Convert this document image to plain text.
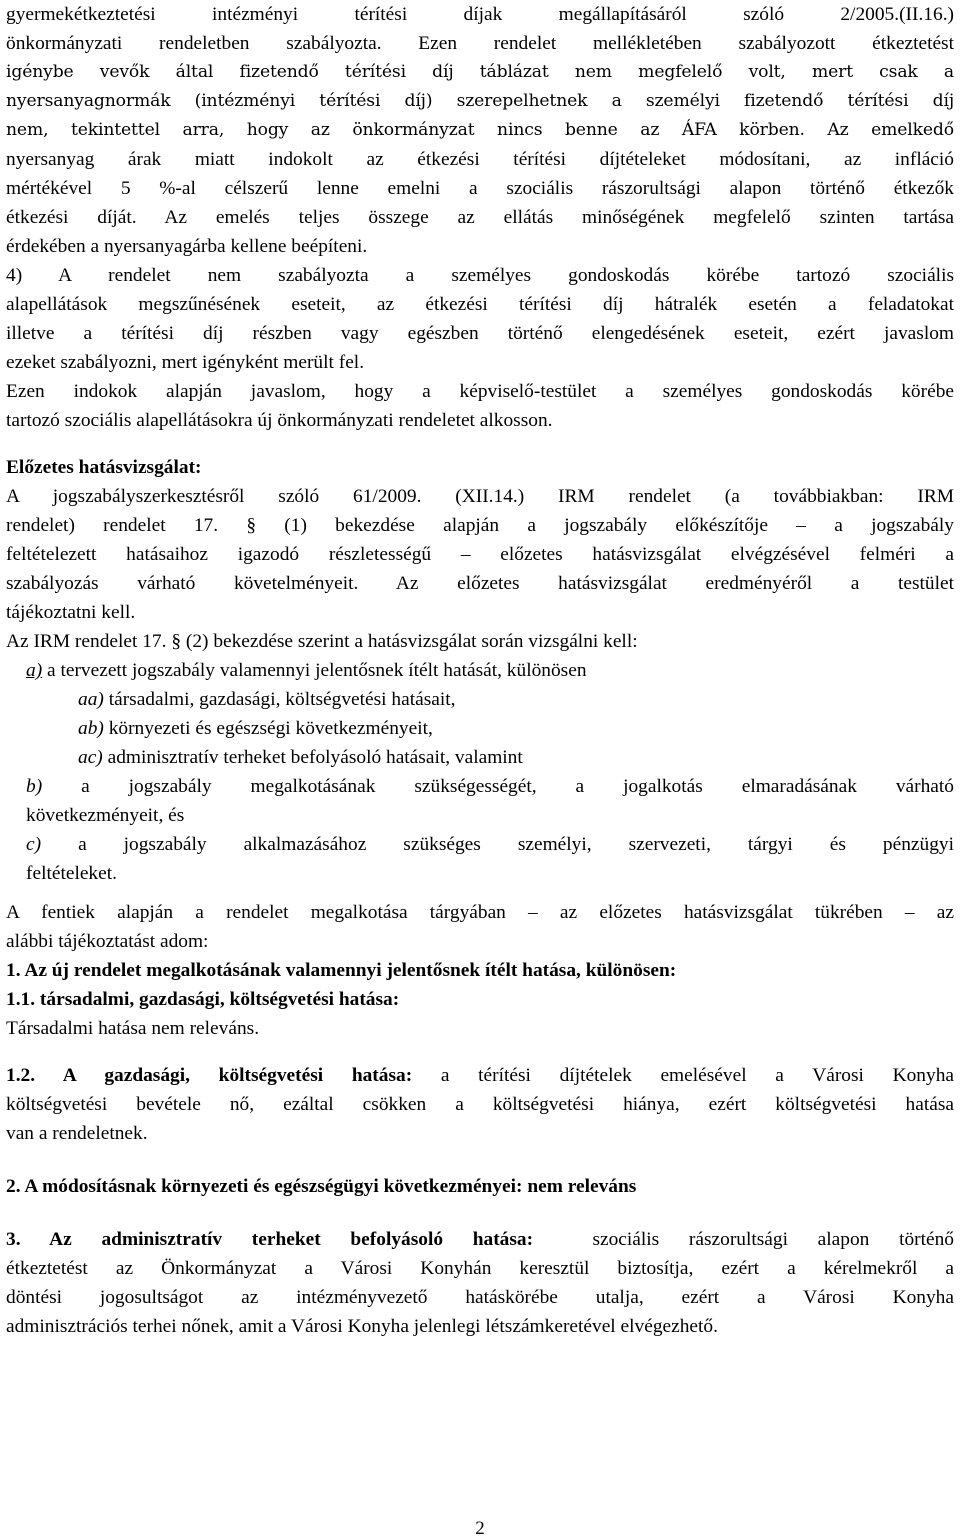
gyermekétkeztetési intézményi térítési díjak megállapításáról szóló 2/2005.(II.16.)

önkormányzati rendeletben szabályozta. Ezen rendelet mellékletében szabályozott étkeztetést

igénybe vevők által fizetendő térítési díj táblázat nem megfelelő volt, mert csak a

nyersanyagnormák (intézményi térítési díj) szerepelhetnek a személyi fizetendő térítési díj

nem, tekintettel arra, hogy az önkormányzat nincs benne az ÁFA körben. Az emelkedő

nyersanyag árak miatt indokolt az étkezési térítési díjtételeket módosítani, az infláció

mértékével 5 %-al célszerű lenne emelni a szociális rászorultsági alapon történő étkezők

étkezési díját. Az emelés teljes összege az ellátás minőségének megfelelő szinten tartása

érdekében a nyersanyagárba kellene beépíteni.

4) A rendelet nem szabályozta a személyes gondoskodás körébe tartozó szociális

alapellátások megszűnésének eseteit, az étkezési térítési díj hátralék esetén a feladatokat

illetve a térítési díj részben vagy egészben történő elengedésének eseteit, ezért javaslom

ezeket szabályozni, mert igényként merült fel.

Ezen indokok alapján javaslom, hogy a képviselő-testület a személyes gondoskodás körébe

tartozó szociális alapellátásokra új önkormányzati rendeletet alkosson.

Előzetes hatásvizsgálat:

A jogszabályszerkesztésről szóló 61/2009. (XII.14.) IRM rendelet (a továbbiakban: IRM

rendelet) rendelet 17. § (1) bekezdése alapján a jogszabály előkészítője – a jogszabály

feltételezett hatásaihoz igazodó részletességű – előzetes hatásvizsgálat elvégzésével felméri a

szabályozás várható követelményeit. Az előzetes hatásvizsgálat eredményéről a testület

tájékoztatni kell.

Az IRM rendelet 17. § (2) bekezdése szerint a hatásvizsgálat során vizsgálni kell:

a) a tervezett jogszabály valamennyi jelentősnek ítélt hatását, különösen

aa) társadalmi, gazdasági, költségvetési hatásait,

ab) környezeti és egészségi következményeit,

ac) adminisztratív terheket befolyásoló hatásait, valamint

b) a jogszabály megalkotásának szükségességét, a jogalkotás elmaradásának várható

következményeit, és

c) a jogszabály alkalmazásához szükséges személyi, szervezeti, tárgyi és pénzügyi

feltételeket.

A fentiek alapján a rendelet megalkotása tárgyában – az előzetes hatásvizsgálat tükrében – az

alábbi tájékoztatást adom:

1. Az új rendelet megalkotásának valamennyi jelentősnek ítélt hatása, különösen:

1.1. társadalmi, gazdasági, költségvetési hatása:

Társadalmi hatása nem releváns.

1.2. A gazdasági, költségvetési hatása: a térítési díjtételek emelésével a Városi Konyha

költségvetési bevétele nő, ezáltal csökken a költségvetési hiánya, ezért költségvetési hatása

van a rendeletnek.

2. A módosításnak környezeti és egészségügyi következményei: nem releváns

3. Az adminisztratív terheket befolyásoló hatása:  szociális rászorultsági alapon történő

étkeztetést az Önkormányzat a Városi Konyhán keresztül biztosítja, ezért a kérelmekről a

döntési jogosultságot az intézményvezető hatáskörébe utalja, ezért a Városi Konyha

adminisztrációs terhei nőnek, amit a Városi Konyha jelenlegi létszámkeretével elvégezhető.

2
